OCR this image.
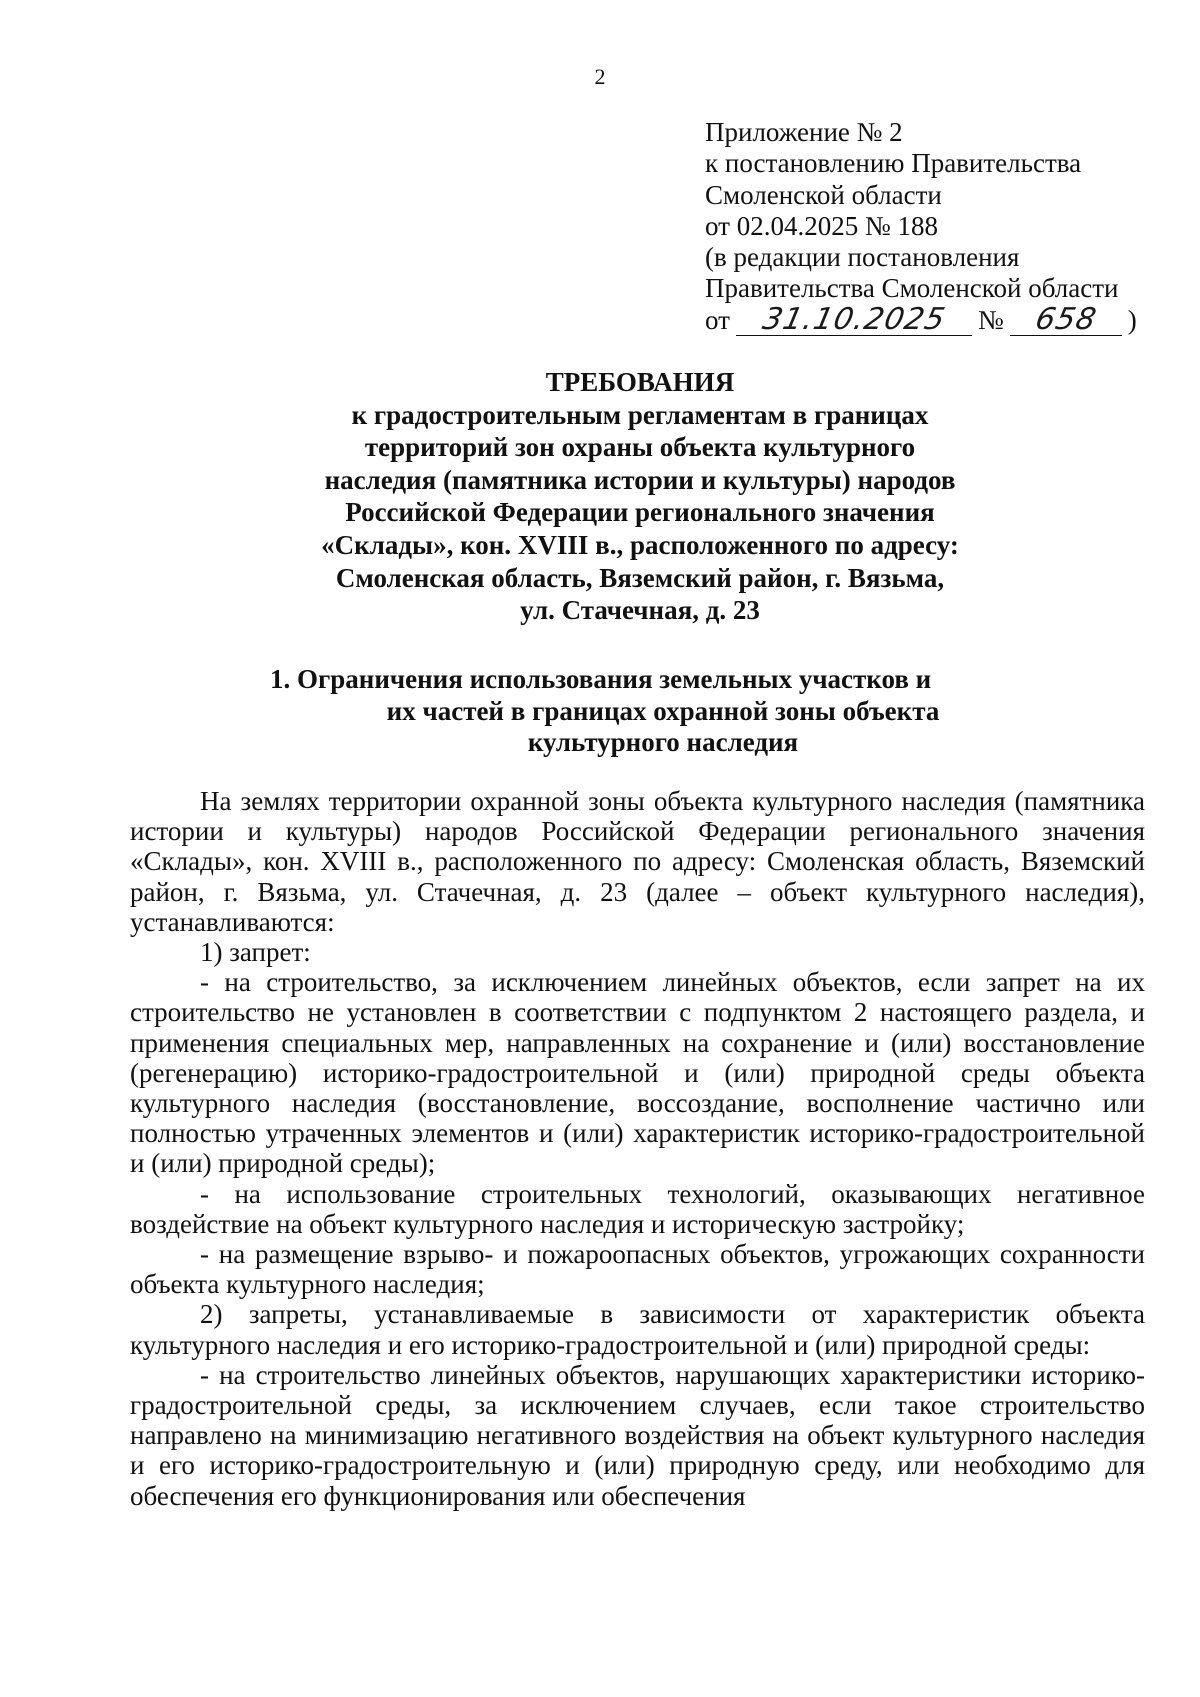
2
Приложение № 2
к постановлению Правительства
Смоленской области
от 02.04.2025 № 188
(в редакции постановления
Правительства Смоленской области
от 31.10.2025	№ 658	)
ТРЕБОВАНИЯ
к градостроительным регламентам в границах
территорий зон охраны объекта культурного
наследия (памятника истории и культуры) народов
Российской Федерации регионального значения
«Склады», кон. XVIII в., расположенного по адресу:
Смоленская область, Вяземский район, г. Вязьма,
ул. Стачечная, д. 23
1. Ограничения использования земельных участков и
их частей в границах охранной зоны объекта
культурного наследия

На землях территории охранной зоны объекта культурного наследия (памятника истории и культуры) народов Российской Федерации регионального значения «Склады», кон. XVIII в., расположенного по адресу: Смоленская область, Вяземский район, г. Вязьма, ул. Стачечная, д. 23 (далее – объект культурного наследия), устанавливаются:

1) запрет:

- на строительство, за исключением линейных объектов, если запрет на их строительство не установлен в соответствии с подпунктом 2 настоящего раздела, и применения специальных мер, направленных на сохранение и (или) восстановление (регенерацию) историко-градостроительной и (или) природной среды объекта культурного наследия (восстановление, воссоздание, восполнение частично или полностью утраченных элементов и (или) характеристик историко-градостроительной и (или) природной среды);

- на использование строительных технологий, оказывающих негативное воздействие на объект культурного наследия и историческую застройку;

- на размещение взрыво- и пожароопасных объектов, угрожающих сохранности объекта культурного наследия;

2) запреты, устанавливаемые в зависимости от характеристик объекта культурного наследия и его историко-градостроительной и (или) природной среды:

- на строительство линейных объектов, нарушающих характеристики историко-градостроительной среды, за исключением случаев, если такое строительство направлено на минимизацию негативного воздействия на объект культурного наследия и его историко-градостроительную и (или) природную среду, или необходимо для обеспечения его функционирования или обеспечения
